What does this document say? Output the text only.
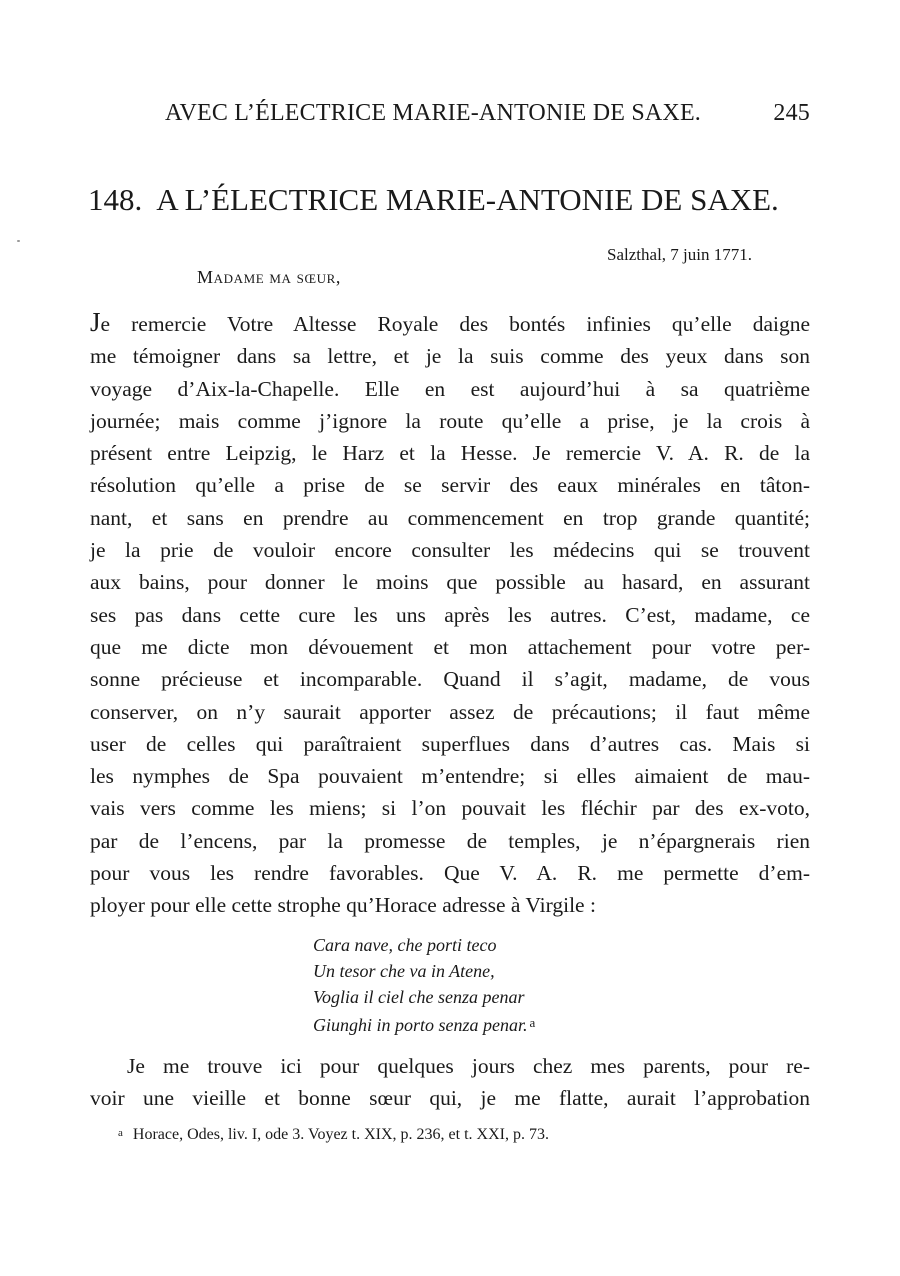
AVEC L’ÉLECTRICE MARIE-ANTONIE DE SAXE.	245
148. A L’ÉLECTRICE MARIE-ANTONIE DE SAXE.
Salzthal, 7 juin 1771.
Madame ma sœur,
Je remercie Votre Altesse Royale des bontés infinies qu’elle daigne
me témoigner dans sa lettre, et je la suis comme des yeux dans son
voyage d’Aix-la-Chapelle. Elle en est aujourd’hui à sa quatrième
journée; mais comme j’ignore la route qu’elle a prise, je la crois à
présent entre Leipzig, le Harz et la Hesse. Je remercie V. A. R. de la
résolution qu’elle a prise de se servir des eaux minérales en tâton-
nant, et sans en prendre au commencement en trop grande quantité;
je la prie de vouloir encore consulter les médecins qui se trouvent
aux bains, pour donner le moins que possible au hasard, en assurant
ses pas dans cette cure les uns après les autres. C’est, madame, ce
que me dicte mon dévouement et mon attachement pour votre per-
sonne précieuse et incomparable. Quand il s’agit, madame, de vous
conserver, on n’y saurait apporter assez de précautions; il faut même
user de celles qui paraîtraient superflues dans d’autres cas. Mais si
les nymphes de Spa pouvaient m’entendre; si elles aimaient de mau-
vais vers comme les miens; si l’on pouvait les fléchir par des ex-voto,
par de l’encens, par la promesse de temples, je n’épargnerais rien
pour vous les rendre favorables. Que V. A. R. me permette d’em-
ployer pour elle cette strophe qu’Horace adresse à Virgile :
Cara nave, che porti teco
Un tesor che va in Atene,
Voglia il ciel che senza penar
Giunghi in porto senza penar. $^a$
Je me trouve ici pour quelques jours chez mes parents, pour re-
voir une vieille et bonne sœur qui, je me flatte, aurait l’approbation
a Horace, Odes, liv. I, ode 3. Voyez t. XIX, p. 236, et t. XXI, p. 73.
